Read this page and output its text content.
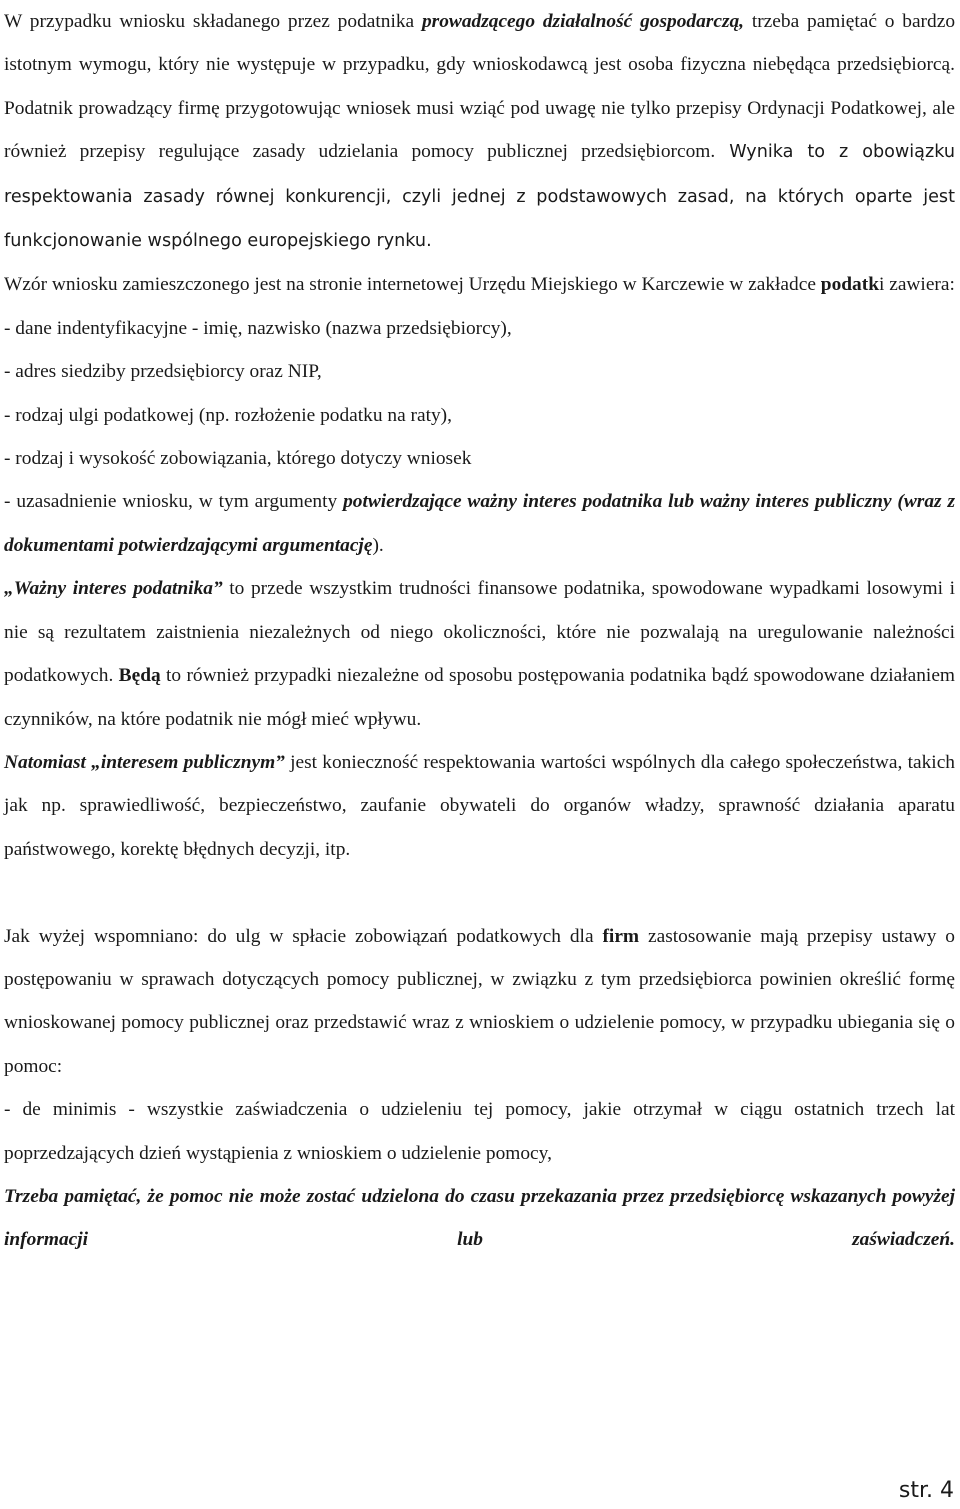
W przypadku wniosku składanego przez podatnika prowadzącego działalność gospodarczą, trzeba pamiętać o bardzo istotnym wymogu, który nie występuje w przypadku, gdy wnioskodawcą jest osoba fizyczna niebędąca przedsiębiorcą. Podatnik prowadzący firmę przygotowując wniosek musi wziąć pod uwagę nie tylko przepisy Ordynacji Podatkowej, ale również przepisy regulujące zasady udzielania pomocy publicznej przedsiębiorcom. Wynika to z obowiązku respektowania zasady równej konkurencji, czyli jednej z podstawowych zasad, na których oparte jest funkcjonowanie wspólnego europejskiego rynku.

Wzór wniosku zamieszczonego jest na stronie internetowej Urzędu Miejskiego w Karczewie w zakładce podatki zawiera:

- dane indentyfikacyjne - imię, nazwisko (nazwa przedsiębiorcy),

- adres siedziby przedsiębiorcy oraz NIP,

- rodzaj ulgi podatkowej (np. rozłożenie podatku na raty),

- rodzaj i wysokość zobowiązania, którego dotyczy wniosek

- uzasadnienie wniosku, w tym argumenty potwierdzające ważny interes podatnika lub ważny interes publiczny (wraz z dokumentami potwierdzającymi argumentację).

„Ważny interes podatnika” to przede wszystkim trudności finansowe podatnika, spowodowane wypadkami losowymi i nie są rezultatem zaistnienia niezależnych od niego okoliczności, które nie pozwalają na uregulowanie należności podatkowych. Będą to również przypadki niezależne od sposobu postępowania podatnika bądź spowodowane działaniem czynników, na które podatnik nie mógł mieć wpływu.

Natomiast „interesem publicznym” jest konieczność respektowania wartości wspólnych dla całego społeczeństwa, takich jak np. sprawiedliwość, bezpieczeństwo, zaufanie obywateli do organów władzy, sprawność działania aparatu państwowego, korektę błędnych decyzji, itp.

Jak wyżej wspomniano: do ulg w spłacie zobowiązań podatkowych dla firm zastosowanie mają przepisy ustawy o postępowaniu w sprawach dotyczących pomocy publicznej, w związku z tym przedsiębiorca powinien określić formę wnioskowanej pomocy publicznej oraz przedstawić wraz z wnioskiem o udzielenie pomocy, w przypadku ubiegania się o pomoc:

- de minimis - wszystkie zaświadczenia o udzieleniu tej pomocy, jakie otrzymał w ciągu ostatnich trzech lat poprzedzających dzień wystąpienia z wnioskiem o udzielenie pomocy,

Trzeba pamiętać, że pomoc nie może zostać udzielona do czasu przekazania przez przedsiębiorcę wskazanych powyżej informacji lub zaświadczeń.

str. 4
